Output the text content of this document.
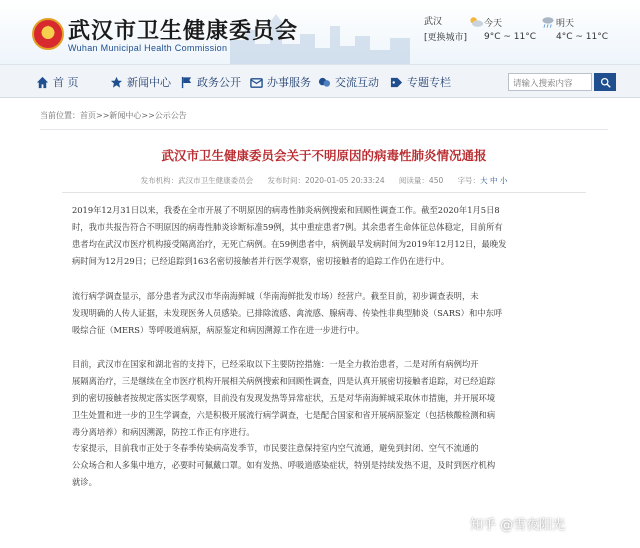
★
武汉市卫生健康委员会
Wuhan Municipal Health Commission
武汉
[更换城市]
今天
9°C ~ 11°C
明天
4°C ~ 11°C
首 页	新闻中心 政务公开 办事服务 交流互动	专题专栏	请输入搜索内容
当前位置：首页>>新闻中心>>公示公告
武汉市卫生健康委员会关于不明原因的病毒性肺炎情况通报
发布机构：武汉市卫生健康委员会 发布时间：2020-01-05 20:33:24 阅读量：450 字号：大 中 小
2019年12月31日以来，我委在全市开展了不明原因的病毒性肺炎病例搜索和回顾性调查工作。截至2020年1月5日8
时，我市共报告符合不明原因的病毒性肺炎诊断标准59例，其中重症患者7例。其余患者生命体征总体稳定，目前所有
患者均在武汉市医疗机构接受隔离治疗，无死亡病例。在59例患者中，病例最早发病时间为2019年12月12日，最晚发
病时间为12月29日；已经追踪到163名密切接触者并行医学观察，密切接触者的追踪工作仍在进行中。
流行病学调查显示，部分患者为武汉市华南海鲜城（华南海鲜批发市场）经营户。截至目前，初步调查表明，未
发现明确的人传人证据，未发现医务人员感染。已排除流感、禽流感、腺病毒、传染性非典型肺炎（SARS）和中东呼
吸综合征（MERS）等呼吸道病原，病原鉴定和病因溯源工作在进一步进行中。
目前，武汉市在国家和湖北省的支持下，已经采取以下主要防控措施：一是全力救治患者，二是对所有病例均开
展隔离治疗，三是继续在全市医疗机构开展相关病例搜索和回顾性调查，四是认真开展密切接触者追踪，对已经追踪
到的密切接触者按规定落实医学观察，目前没有发现发热等异常症状，五是对华南海鲜城采取休市措施，并开展环境
卫生处置和进一步的卫生学调查，六是积极开展流行病学调查，七是配合国家和省开展病原鉴定（包括核酸检测和病
毒分离培养）和病因溯源，防控工作正有序进行。
专家提示，目前我市正处于冬春季传染病高发季节，市民要注意保持室内空气流通，避免到封闭、空气不流通的
公众场合和人多集中地方，必要时可佩戴口罩。如有发热、呼吸道感染症状，特别是持续发热不退，及时到医疗机构
就诊。
知乎 @雪夜阳光
